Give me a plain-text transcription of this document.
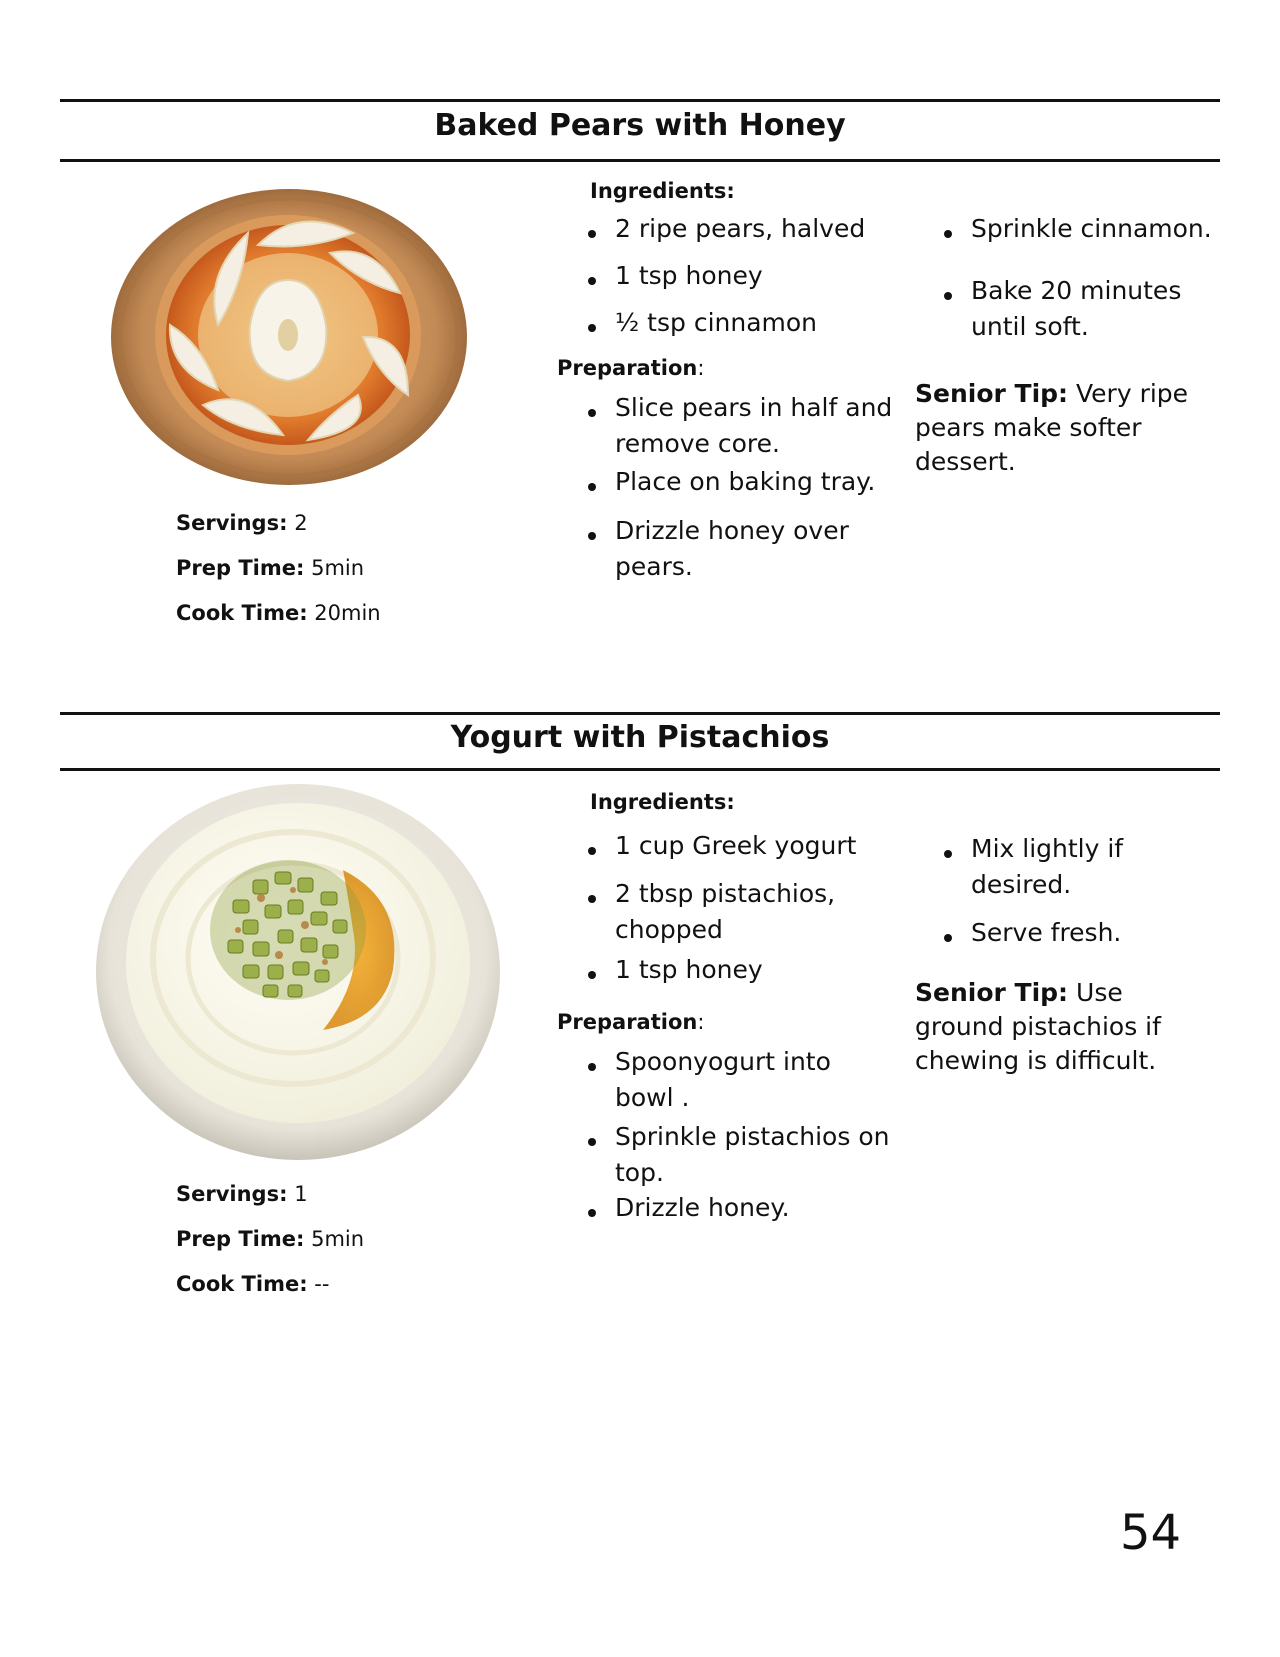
Baked Pears with Honey

Servings: 2

Prep Time: 5min

Cook Time: 20min

Ingredients:

2 ripe pears, halved
1 tsp honey
½ tsp cinnamon

Preparation:

Slice pears in half and
remove core.
Place on baking tray.
Drizzle honey over
pears.
Sprinkle cinnamon.
Bake 20 minutes
until soft.

Senior Tip: Very ripe
pears make softer
dessert.

Yogurt with Pistachios

Servings: 1

Prep Time: 5min

Cook Time: --

Ingredients:

1 cup Greek yogurt
2 tbsp pistachios,
chopped
1 tsp honey

Preparation:

Spoonyogurt into
bowl .
Sprinkle pistachios on
top.
Drizzle honey.
Mix lightly if
desired.
Serve fresh.

Senior Tip: Use
ground pistachios if
chewing is difficult.

54
